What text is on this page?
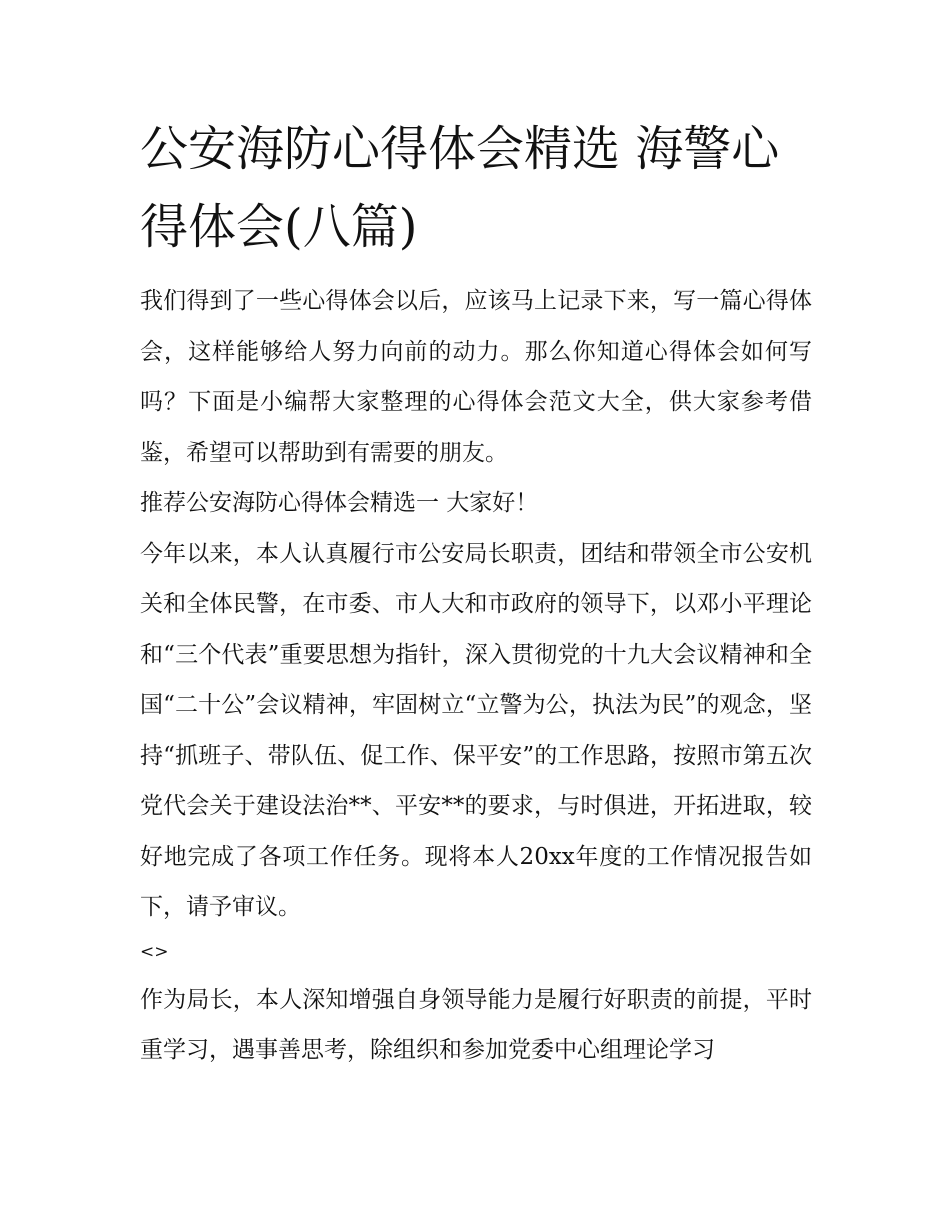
公安海防心得体会精选 海警心得体会(八篇)

我们得到了一些心得体会以后，应该马上记录下来，写一篇心得体会，这样能够给人努力向前的动力。那么你知道心得体会如何写吗？下面是小编帮大家整理的心得体会范文大全，供大家参考借鉴，希望可以帮助到有需要的朋友。

推荐公安海防心得体会精选一 大家好！

今年以来，本人认真履行市公安局长职责，团结和带领全市公安机关和全体民警，在市委、市人大和市政府的领导下，以邓小平理论和“三个代表”重要思想为指针，深入贯彻党的十九大会议精神和全国“二十公”会议精神，牢固树立“立警为公，执法为民”的观念，坚持“抓班子、带队伍、促工作、保平安”的工作思路，按照市第五次党代会关于建设法治**、平安**的要求，与时俱进，开拓进取，较好地完成了各项工作任务。现将本人20xx年度的工作情况报告如下，请予审议。

<>

作为局长，本人深知增强自身领导能力是履行好职责的前提，平时重学习，遇事善思考，除组织和参加党委中心组理论学习
